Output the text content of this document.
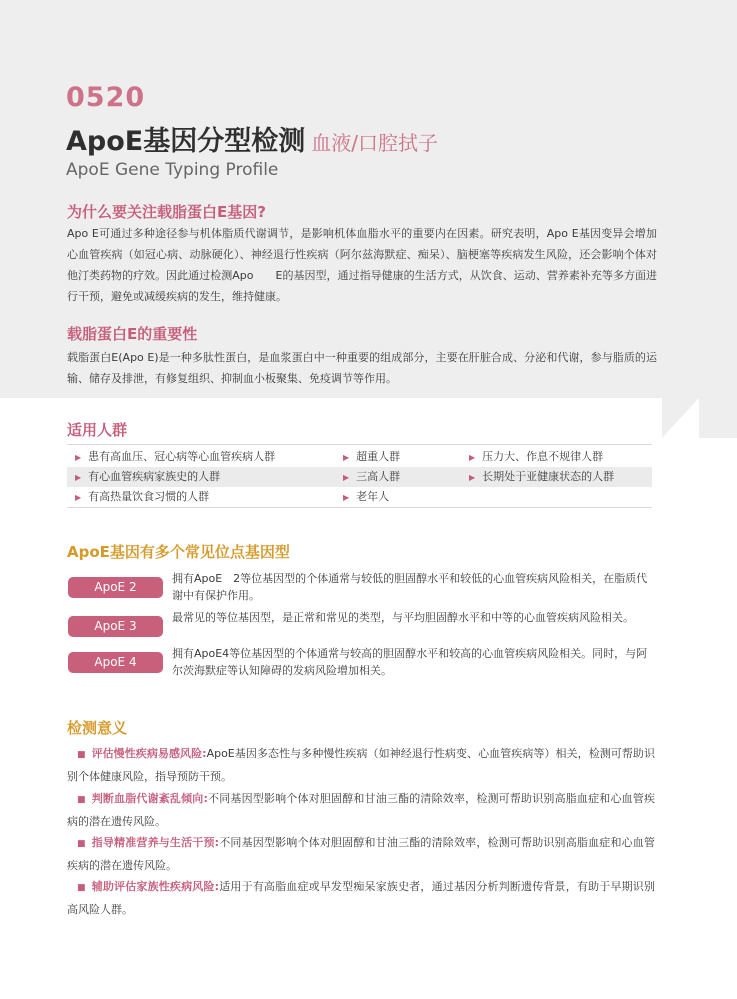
0520
ApoE基因分型检测 血液/口腔拭子
ApoE Gene Typing Profile
为什么要关注载脂蛋白E基因?
Apo E可通过多种途径参与机体脂质代谢调节，是影响机体血脂水平的重要内在因素。研究表明，Apo E基因变异会增加心血管疾病（如冠心病、动脉硬化）、神经退行性疾病（阿尔兹海默症、痴呆）、脑梗塞等疾病发生风险，还会影响个体对他汀类药物的疗效。因此通过检测Apo　　E的基因型，通过指导健康的生活方式，从饮食、运动、营养素补充等多方面进行干预，避免或减缓疾病的发生，维持健康。
载脂蛋白E的重要性
载脂蛋白E(Apo E)是一种多肽性蛋白，是血浆蛋白中一种重要的组成部分，主要在肝脏合成、分泌和代谢，参与脂质的运输、储存及排泄，有修复组织、抑制血小板聚集、免疫调节等作用。
适用人群
▶ 患有高血压、冠心病等心血管疾病人群	▶ 超重人群	▶ 压力大、作息不规律人群
▶ 有心血管疾病家族史的人群	▶ 三高人群	▶ 长期处于亚健康状态的人群
▶ 有高热量饮食习惯的人群	▶ 老年人
ApoE基因有多个常见位点基因型
ApoE 2
拥有ApoE　2等位基因型的个体通常与较低的胆固醇水平和较低的心血管疾病风险相关，在脂质代谢中有保护作用。
ApoE 3
最常见的等位基因型，是正常和常见的类型，与平均胆固醇水平和中等的心血管疾病风险相关。
ApoE 4
拥有ApoE4等位基因型的个体通常与较高的胆固醇水平和较高的心血管疾病风险相关。同时，与阿尔茨海默症等认知障碍的发病风险增加相关。
检测意义
■ 评估慢性疾病易感风险:ApoE基因多态性与多种慢性疾病（如神经退行性病变、心血管疾病等）相关，检测可帮助识别个体健康风险，指导预防干预。
■ 判断血脂代谢紊乱倾向:不同基因型影响个体对胆固醇和甘油三酯的清除效率，检测可帮助识别高脂血症和心血管疾病的潜在遗传风险。
■ 指导精准营养与生活干预:不同基因型影响个体对胆固醇和甘油三酯的清除效率，检测可帮助识别高脂血症和心血管疾病的潜在遗传风险。
■ 辅助评估家族性疾病风险:适用于有高脂血症或早发型痴呆家族史者，通过基因分析判断遗传背景，有助于早期识别高风险人群。
